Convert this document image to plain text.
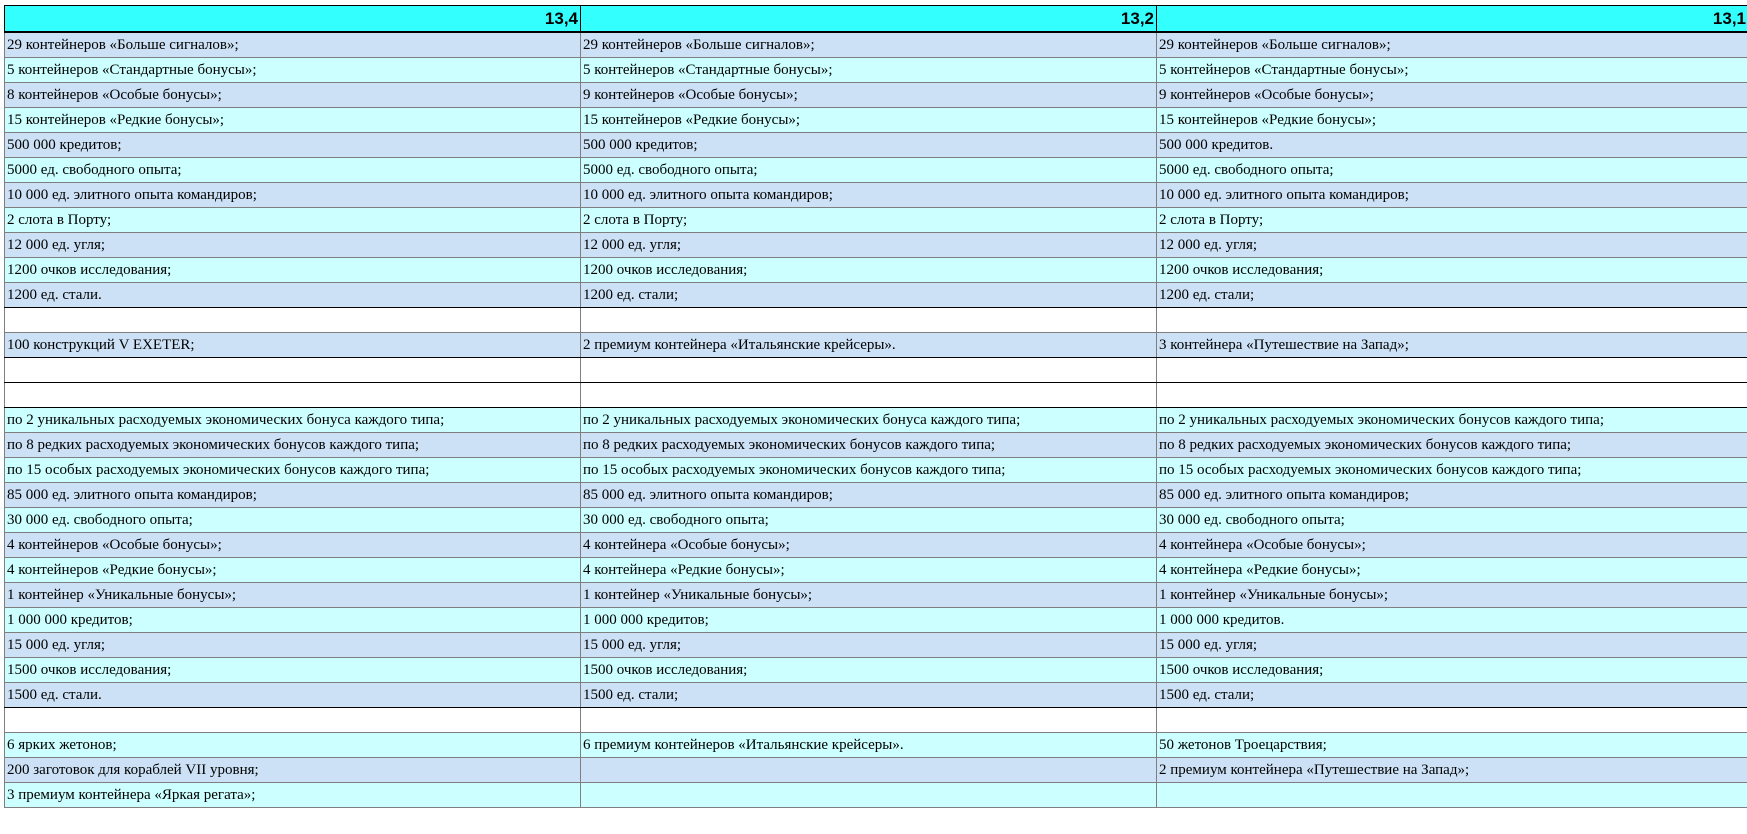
13,4	13,2	13,1
29 контейнеров «Больше сигналов»;	29 контейнеров «Больше сигналов»;	29 контейнеров «Больше сигналов»;
5 контейнеров «Стандартные бонусы»;	5 контейнеров «Стандартные бонусы»;	5 контейнеров «Стандартные бонусы»;
8 контейнеров «Особые бонусы»;	9 контейнеров «Особые бонусы»;	9 контейнеров «Особые бонусы»;
15 контейнеров «Редкие бонусы»;	15 контейнеров «Редкие бонусы»;	15 контейнеров «Редкие бонусы»;
500 000 кредитов;	500 000 кредитов;	500 000 кредитов.
5000 ед. свободного опыта;	5000 ед. свободного опыта;	5000 ед. свободного опыта;
10 000 ед. элитного опыта командиров;	10 000 ед. элитного опыта командиров;	10 000 ед. элитного опыта командиров;
2 слота в Порту;	2 слота в Порту;	2 слота в Порту;
12 000 ед. угля;	12 000 ед. угля;	12 000 ед. угля;
1200 очков исследования;	1200 очков исследования;	1200 очков исследования;
1200 ед. стали.	1200 ед. стали;	1200 ед. стали;

100 конструкций V EXETER;	2 премиум контейнера «Итальянские крейсеры».	3 контейнера «Путешествие на Запад»;

по 2 уникальных расходуемых экономических бонуса каждого типа;	по 2 уникальных расходуемых экономических бонуса каждого типа;	по 2 уникальных расходуемых экономических бонусов каждого типа;
по 8 редких расходуемых экономических бонусов каждого типа;	по 8 редких расходуемых экономических бонусов каждого типа;	по 8 редких расходуемых экономических бонусов каждого типа;
по 15 особых расходуемых экономических бонусов каждого типа;	по 15 особых расходуемых экономических бонусов каждого типа;	по 15 особых расходуемых экономических бонусов каждого типа;
85 000 ед. элитного опыта командиров;	85 000 ед. элитного опыта командиров;	85 000 ед. элитного опыта командиров;
30 000 ед. свободного опыта;	30 000 ед. свободного опыта;	30 000 ед. свободного опыта;
4 контейнеров «Особые бонусы»;	4 контейнера «Особые бонусы»;	4 контейнера «Особые бонусы»;
4 контейнеров «Редкие бонусы»;	4 контейнера «Редкие бонусы»;	4 контейнера «Редкие бонусы»;
1 контейнер «Уникальные бонусы»;	1 контейнер «Уникальные бонусы»;	1 контейнер «Уникальные бонусы»;
1 000 000 кредитов;	1 000 000 кредитов;	1 000 000 кредитов.
15 000 ед. угля;	15 000 ед. угля;	15 000 ед. угля;
1500 очков исследования;	1500 очков исследования;	1500 очков исследования;
1500 ед. стали.	1500 ед. стали;	1500 ед. стали;

6 ярких жетонов;	6 премиум контейнеров «Итальянские крейсеры».	50 жетонов Троецарствия;
200 заготовок для кораблей VII уровня;		2 премиум контейнера «Путешествие на Запад»;
3 премиум контейнера «Яркая регата»;		
